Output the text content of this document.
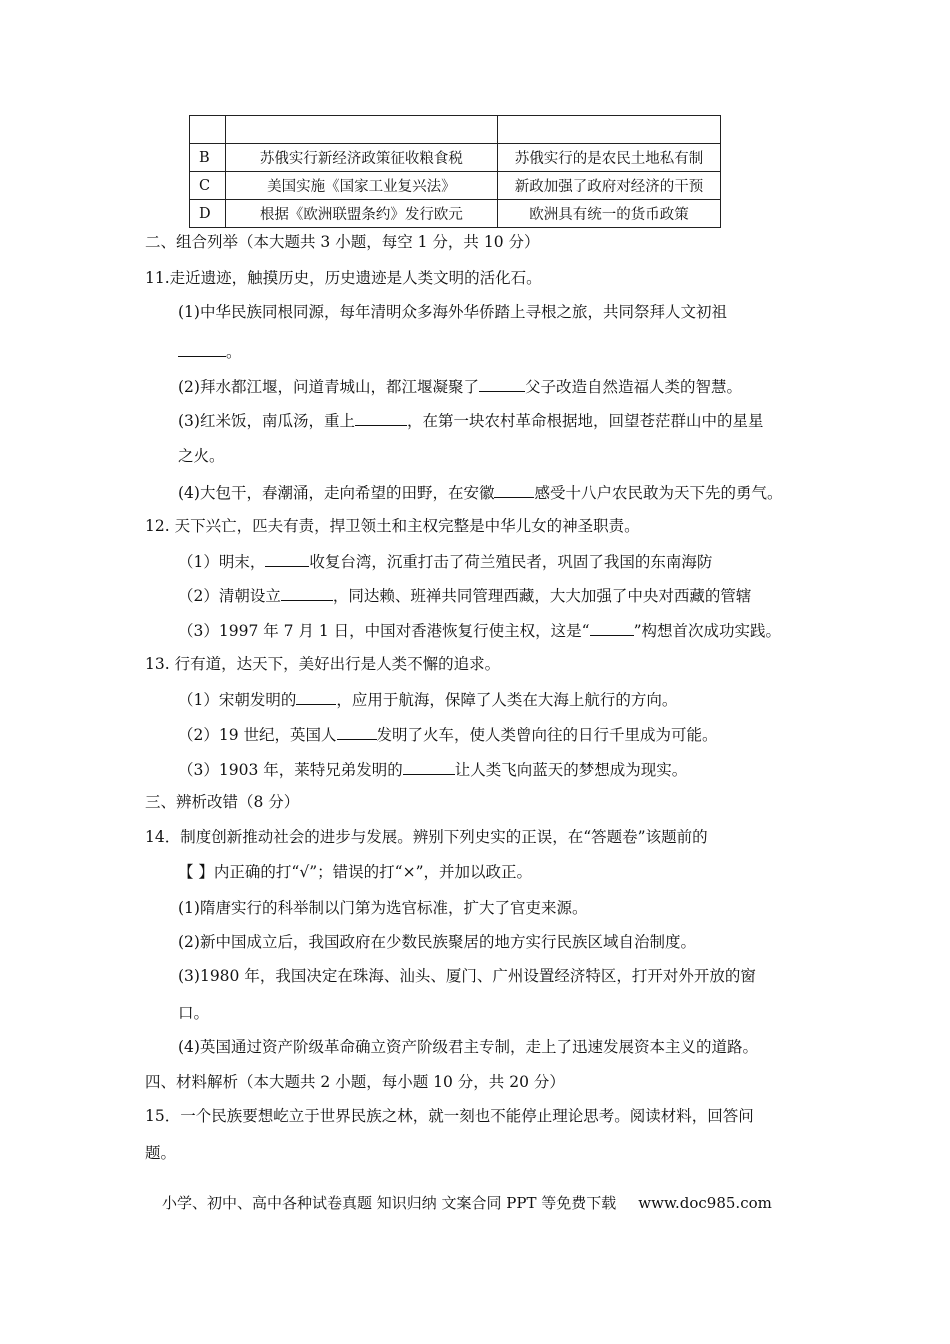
B	苏俄实行新经济政策征收粮食税	苏俄实行的是农民土地私有制
C	美国实施《国家工业复兴法》	新政加强了政府对经济的干预
D	根据《欧洲联盟条约》发行欧元	欧洲具有统一的货币政策
二、组合列举（本大题共 3 小题，每空 1 分，共 10 分）
11.走近遗迹，触摸历史，历史遗迹是人类文明的活化石。
(1)中华民族同根同源，每年清明众多海外华侨踏上寻根之旅，共同祭拜人文初祖
。
(2)拜水都江堰，问道青城山，都江堰凝聚了	父子改造自然造福人类的智慧。
(3)红米饭，南瓜汤，重上	，在第一块农村革命根据地，回望苍茫群山中的星星
之火。
(4)大包干，春潮涌，走向希望的田野，在安徽	感受十八户农民敢为天下先的勇气。
12. 天下兴亡，匹夫有责，捍卫领土和主权完整是中华儿女的神圣职责。
（1）明末，	收复台湾，沉重打击了荷兰殖民者，巩固了我国的东南海防
（2）清朝设立	，同达赖、班禅共同管理西藏，大大加强了中央对西藏的管辖
（3）1997 年 7 月 1 日，中国对香港恢复行使主权，这是“	”构想首次成功实践。
13. 行有道，达天下，美好出行是人类不懈的追求。
（1）宋朝发明的	，应用于航海，保障了人类在大海上航行的方向。
（2）19 世纪，英国人	发明了火车，使人类曾向往的日行千里成为可能。
（3）1903 年，莱特兄弟发明的	让人类飞向蓝天的梦想成为现实。
三、辨析改错（8 分）
14．制度创新推动社会的进步与发展。辨别下列史实的正误，在“答题卷”该题前的
【 】内正确的打“√”；错误的打“×”，并加以政正。
(1)隋唐实行的科举制以门第为选官标准，扩大了官吏来源。
(2)新中国成立后，我国政府在少数民族聚居的地方实行民族区域自治制度。
(3)1980 年，我国决定在珠海、汕头、厦门、广州设置经济特区，打开对外开放的窗
口。
(4)英国通过资产阶级革命确立资产阶级君主专制，走上了迅速发展资本主义的道路。
四、材料解析（本大题共 2 小题，每小题 10 分，共 20 分）
15．一个民族要想屹立于世界民族之林，就一刻也不能停止理论思考。阅读材料，回答问
题。
小学、初中、高中各种试卷真题 知识归纳 文案合同 PPT 等免费下载 www.doc985.com
